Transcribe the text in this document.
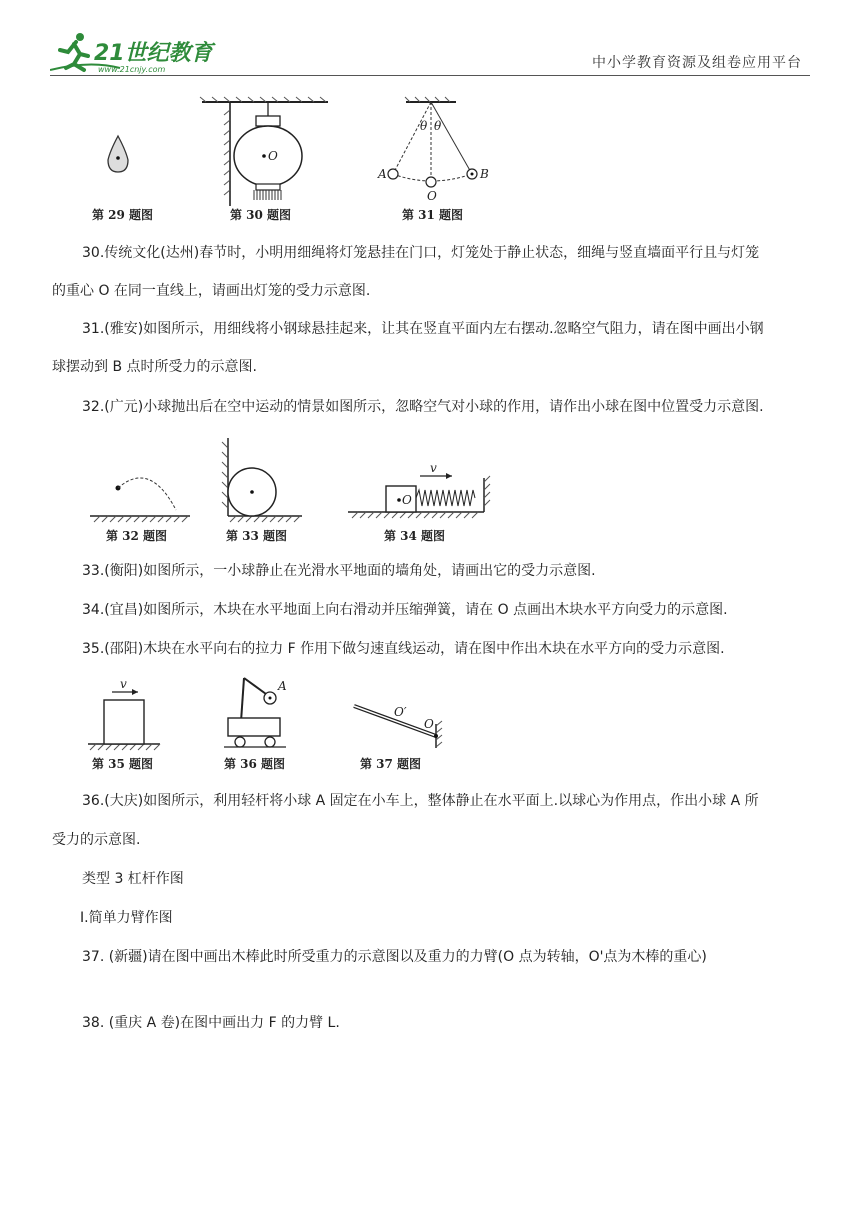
21世纪教育
www.21cnjy.com	中小学教育资源及组卷应用平台
第 29 题图
O
第 30 题图
θ θ
A	B
O
第 31 题图
30.传统文化(达州)春节时，小明用细绳将灯笼悬挂在门口，灯笼处于静止状态，细绳与竖直墙面平行且与灯笼
的重心 O 在同一直线上，请画出灯笼的受力示意图.
31.(雅安)如图所示，用细线将小钢球悬挂起来，让其在竖直平面内左右摆动.忽略空气阻力，请在图中画出小钢
球摆动到 B 点时所受力的示意图.
32.(广元)小球抛出后在空中运动的情景如图所示，忽略空气对小球的作用，请作出小球在图中位置受力示意图.
第 32 题图	第 33 题图
O
v
第 34 题图
33.(衡阳)如图所示，一小球静止在光滑水平地面的墙角处，请画出它的受力示意图.
34.(宜昌)如图所示，木块在水平地面上向右滑动并压缩弹簧，请在 O 点画出木块水平方向受力的示意图.
35.(邵阳)木块在水平向右的拉力 F 作用下做匀速直线运动，请在图中作出木块在水平方向的受力示意图.
v
第 35 题图
A
第 36 题图
O′
O
第 37 题图
36.(大庆)如图所示，利用轻杆将小球 A 固定在小车上，整体静止在水平面上.以球心为作用点，作出小球 A 所
受力的示意图.
类型 3 杠杆作图
Ⅰ.简单力臂作图
37. (新疆)请在图中画出木棒此时所受重力的示意图以及重力的力臂(O 点为转轴，O'点为木棒的重心)
38. (重庆 A 卷)在图中画出力 F 的力臂 L.
